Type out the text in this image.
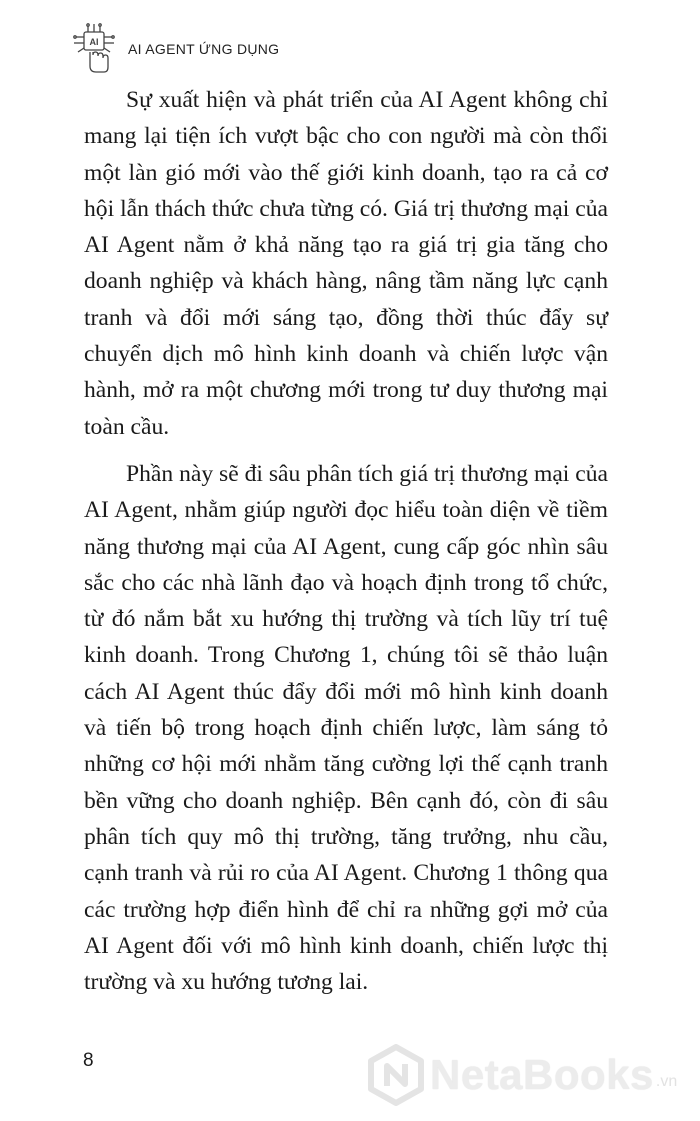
AI AI AGENT ỨNG DỤNG

Sự xuất hiện và phát triển của AI Agent không chỉ mang lại tiện ích vượt bậc cho con người mà còn thổi một làn gió mới vào thế giới kinh doanh, tạo ra cả cơ hội lẫn thách thức chưa từng có. Giá trị thương mại của AI Agent nằm ở khả năng tạo ra giá trị gia tăng cho doanh nghiệp và khách hàng, nâng tầm năng lực cạnh tranh và đổi mới sáng tạo, đồng thời thúc đẩy sự chuyển dịch mô hình kinh doanh và chiến lược vận hành, mở ra một chương mới trong tư duy thương mại toàn cầu.

Phần này sẽ đi sâu phân tích giá trị thương mại của AI Agent, nhằm giúp người đọc hiểu toàn diện về tiềm năng thương mại của AI Agent, cung cấp góc nhìn sâu sắc cho các nhà lãnh đạo và hoạch định trong tổ chức, từ đó nắm bắt xu hướng thị trường và tích lũy trí tuệ kinh doanh. Trong Chương 1, chúng tôi sẽ thảo luận cách AI Agent thúc đẩy đổi mới mô hình kinh doanh và tiến bộ trong hoạch định chiến lược, làm sáng tỏ những cơ hội mới nhằm tăng cường lợi thế cạnh tranh bền vững cho doanh nghiệp. Bên cạnh đó, còn đi sâu phân tích quy mô thị trường, tăng trưởng, nhu cầu, cạnh tranh và rủi ro của AI Agent. Chương 1 thông qua các trường hợp điển hình để chỉ ra những gợi mở của AI Agent đối với mô hình kinh doanh, chiến lược thị trường và xu hướng tương lai.

8	NetaBooks .vn
